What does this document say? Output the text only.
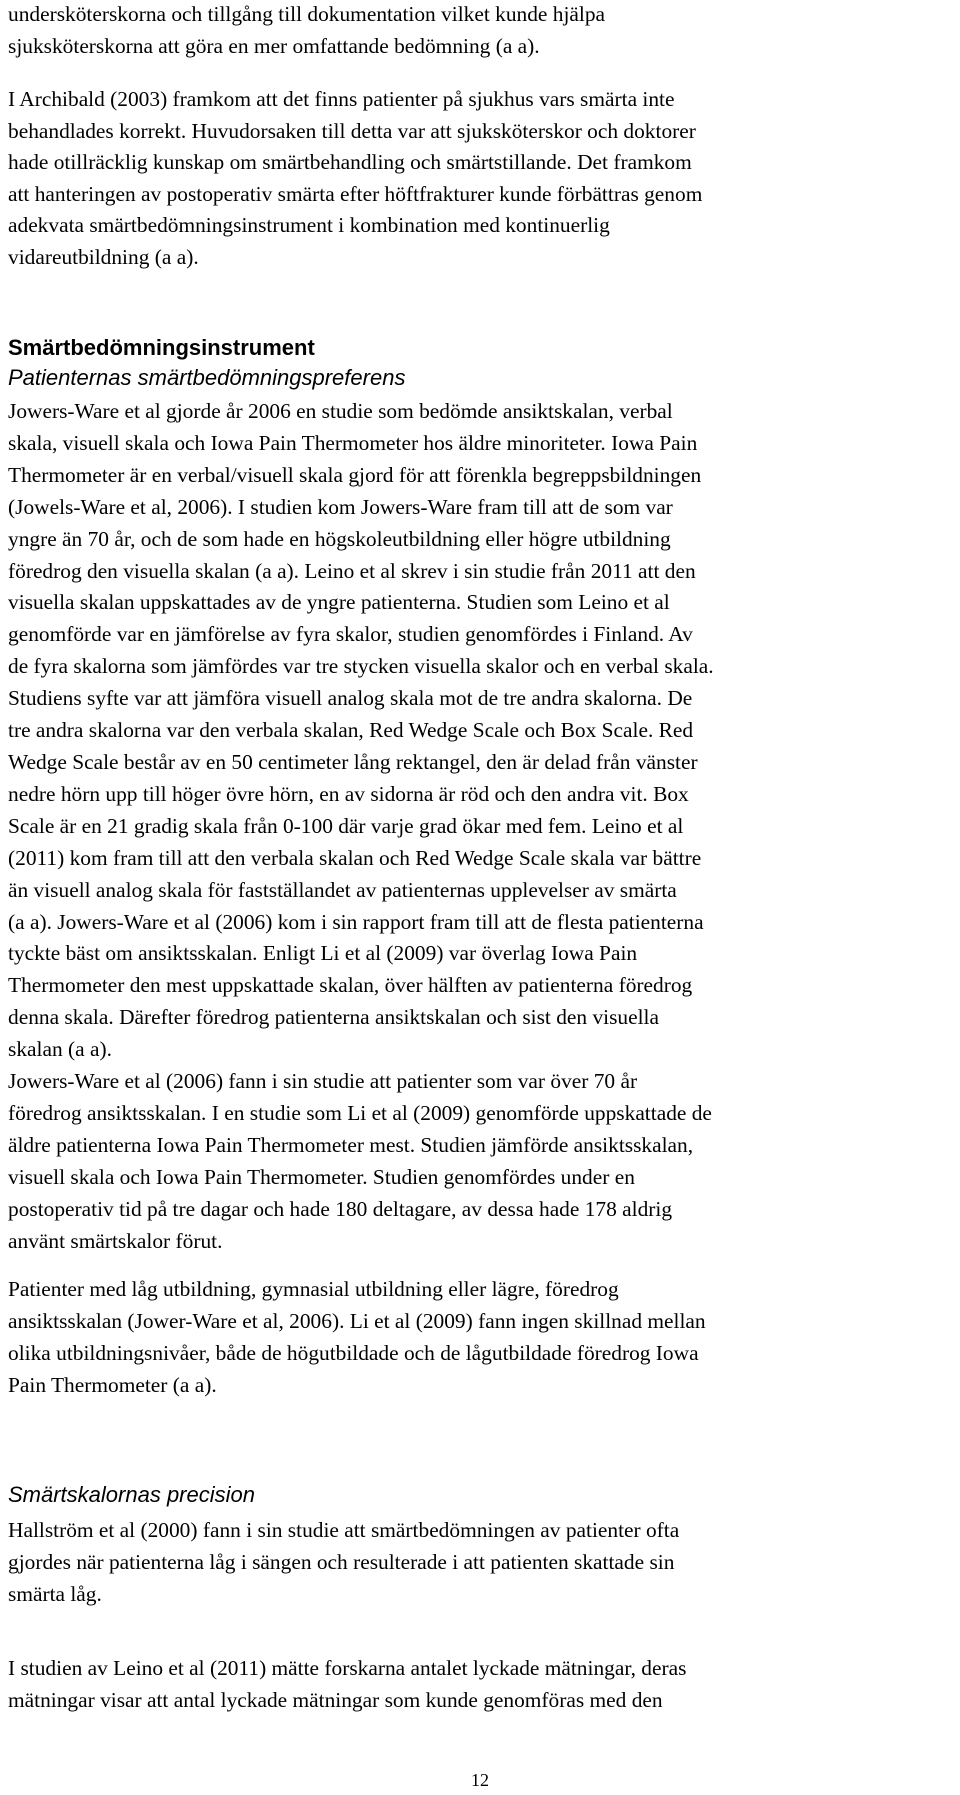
undersköterskorna och tillgång till dokumentation vilket kunde hjälpa
sjuksköterskorna att göra en mer omfattande bedömning (a a).
I Archibald (2003) framkom att det finns patienter på sjukhus vars smärta inte
behandlades korrekt. Huvudorsaken till detta var att sjuksköterskor och doktorer
hade otillräcklig kunskap om smärtbehandling och smärtstillande. Det framkom
att hanteringen av postoperativ smärta efter höftfrakturer kunde förbättras genom
adekvata smärtbedömningsinstrument i kombination med kontinuerlig
vidareutbildning (a a).
Smärtbedömningsinstrument
Patienternas smärtbedömningspreferens
Jowers-Ware et al gjorde år 2006 en studie som bedömde ansiktskalan, verbal
skala, visuell skala och Iowa Pain Thermometer hos äldre minoriteter. Iowa Pain
Thermometer är en verbal/visuell skala gjord för att förenkla begreppsbildningen
(Jowels-Ware et al, 2006). I studien kom Jowers-Ware fram till att de som var
yngre än 70 år, och de som hade en högskoleutbildning eller högre utbildning
föredrog den visuella skalan (a a). Leino et al skrev i sin studie från 2011 att den
visuella skalan uppskattades av de yngre patienterna. Studien som Leino et al
genomförde var en jämförelse av fyra skalor, studien genomfördes i Finland. Av
de fyra skalorna som jämfördes var tre stycken visuella skalor och en verbal skala.
Studiens syfte var att jämföra visuell analog skala mot de tre andra skalorna. De
tre andra skalorna var den verbala skalan, Red Wedge Scale och Box Scale. Red
Wedge Scale består av en 50 centimeter lång rektangel, den är delad från vänster
nedre hörn upp till höger övre hörn, en av sidorna är röd och den andra vit. Box
Scale är en 21 gradig skala från 0-100 där varje grad ökar med fem. Leino et al
(2011) kom fram till att den verbala skalan och Red Wedge Scale skala var bättre
än visuell analog skala för fastställandet av patienternas upplevelser av smärta
(a a). Jowers-Ware et al (2006) kom i sin rapport fram till att de flesta patienterna
tyckte bäst om ansiktsskalan. Enligt Li et al (2009) var överlag Iowa Pain
Thermometer den mest uppskattade skalan, över hälften av patienterna föredrog
denna skala. Därefter föredrog patienterna ansiktskalan och sist den visuella
skalan (a a).
Jowers-Ware et al (2006) fann i sin studie att patienter som var över 70 år
föredrog ansiktsskalan. I en studie som Li et al (2009) genomförde uppskattade de
äldre patienterna Iowa Pain Thermometer mest. Studien jämförde ansiktsskalan,
visuell skala och Iowa Pain Thermometer. Studien genomfördes under en
postoperativ tid på tre dagar och hade 180 deltagare, av dessa hade 178 aldrig
använt smärtskalor förut.
Patienter med låg utbildning, gymnasial utbildning eller lägre, föredrog
ansiktsskalan (Jower-Ware et al, 2006). Li et al (2009) fann ingen skillnad mellan
olika utbildningsnivåer, både de högutbildade och de lågutbildade föredrog Iowa
Pain Thermometer (a a).
Smärtskalornas precision
Hallström et al (2000) fann i sin studie att smärtbedömningen av patienter ofta
gjordes när patienterna låg i sängen och resulterade i att patienten skattade sin
smärta låg.
I studien av Leino et al (2011) mätte forskarna antalet lyckade mätningar, deras
mätningar visar att antal lyckade mätningar som kunde genomföras med den
12
